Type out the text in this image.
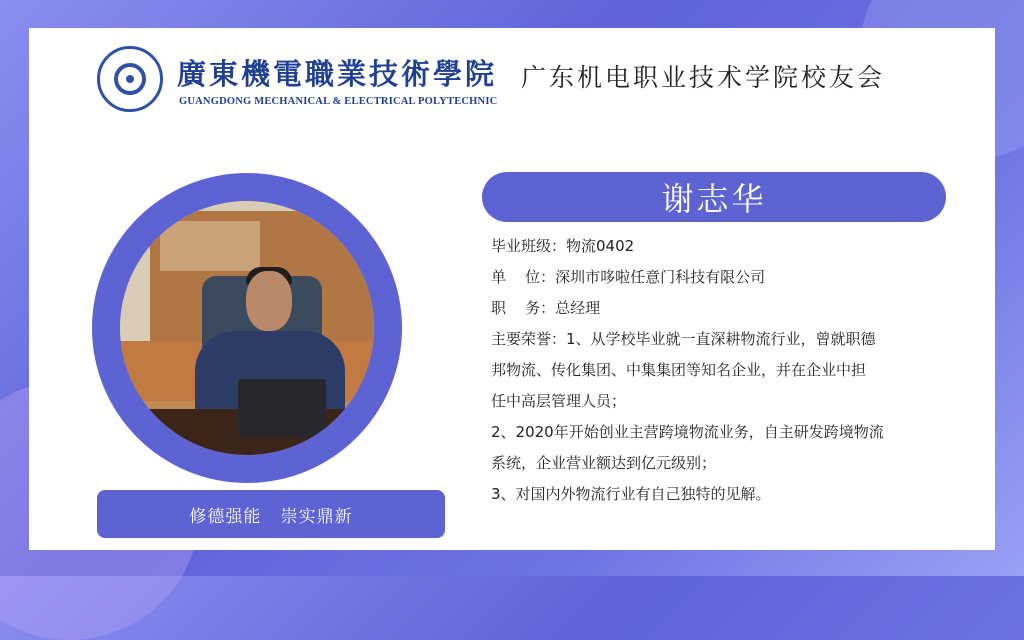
廣東機電職業技術學院
GUANGDONG MECHANICAL & ELECTRICAL POLYTECHNIC
广东机电职业技术学院校友会
修德强能   崇实鼎新
谢志华
毕业班级：物流0402
单    位：深圳市哆啦任意门科技有限公司
职    务：总经理
主要荣誉：1、从学校毕业就一直深耕物流行业，曾就职德
邦物流、传化集团、中集集团等知名企业，并在企业中担
任中高层管理人员；
2、2020年开始创业主营跨境物流业务，自主研发跨境物流
系统，企业营业额达到亿元级别；
3、对国内外物流行业有自己独特的见解。
